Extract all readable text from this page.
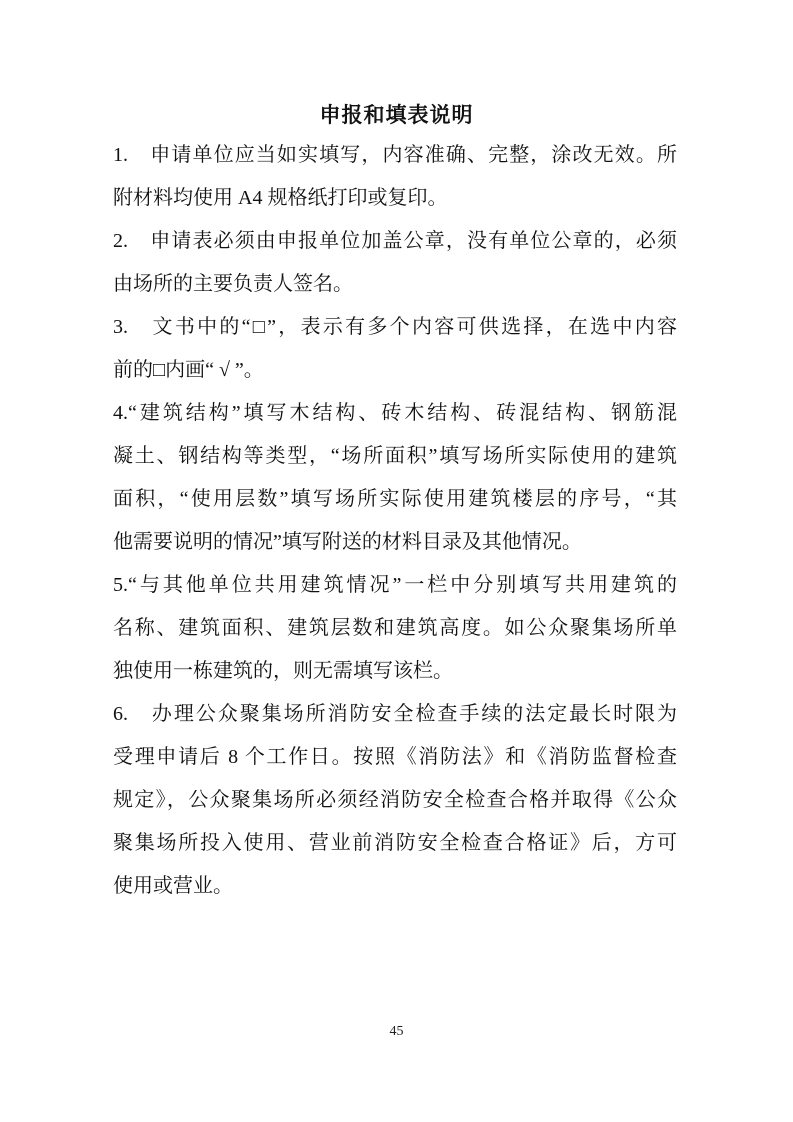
申报和填表说明
1.　申请单位应当如实填写，内容准确、完整，涂改无效。所
附材料均使用 A4 规格纸打印或复印。
2.　申请表必须由申报单位加盖公章，没有单位公章的，必须
由场所的主要负责人签名。
3.　文书中的“□”，表示有多个内容可供选择，在选中内容
前的□内画“ √ ”。
4.“建筑结构”填写木结构、砖木结构、砖混结构、钢筋混
凝土、钢结构等类型，“场所面积”填写场所实际使用的建筑
面积，“使用层数”填写场所实际使用建筑楼层的序号，“其
他需要说明的情况”填写附送的材料目录及其他情况。
5.“与其他单位共用建筑情况”一栏中分别填写共用建筑的
名称、建筑面积、建筑层数和建筑高度。如公众聚集场所单
独使用一栋建筑的，则无需填写该栏。
6.　办理公众聚集场所消防安全检查手续的法定最长时限为
受理申请后 8 个工作日。按照《消防法》和《消防监督检查
规定》，公众聚集场所必须经消防安全检查合格并取得《公众
聚集场所投入使用、营业前消防安全检查合格证》后，方可
使用或营业。
45
